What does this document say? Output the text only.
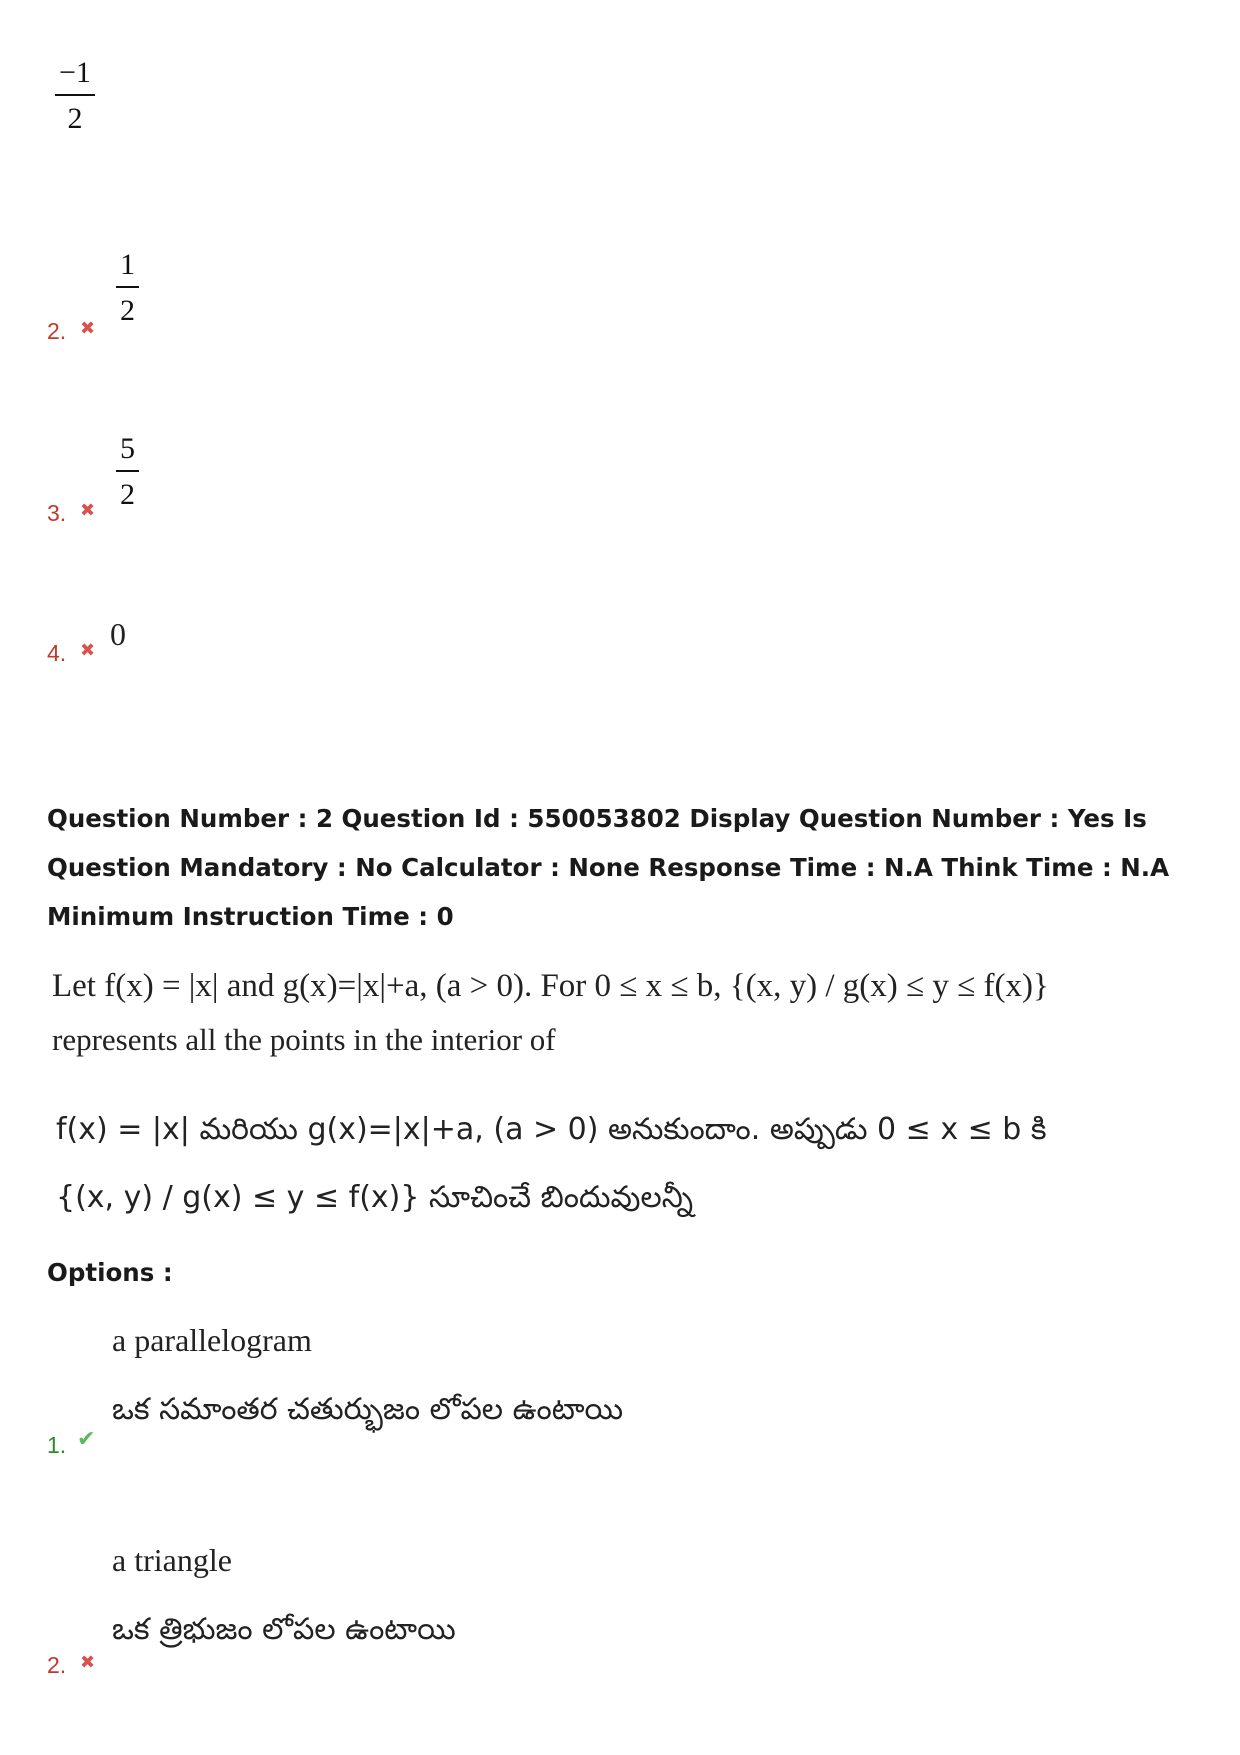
−1
2
2. ✖
1
2
3. ✖
5
2
4. ✖ 0
Question Number : 2 Question Id : 550053802 Display Question Number : Yes Is Question Mandatory : No Calculator : None Response Time : N.A Think Time : N.A Minimum Instruction Time : 0
Let f(x) = |x| and g(x)=|x|+a, (a > 0). For 0 ≤ x ≤ b, {(x, y) / g(x) ≤ y ≤ f(x)}
represents all the points in the interior of
f(x) = |x| మరియు g(x)=|x|+a, (a > 0) అనుకుందాం. అప్పుడు 0 ≤ x ≤ b కి
{(x, y) / g(x) ≤ y ≤ f(x)} సూచించే బిందువులన్నీ
Options :
a parallelogram
ఒక సమాంతర చతుర్భుజం లోపల ఉంటాయి
1. ✔
a triangle
ఒక త్రిభుజం లోపల ఉంటాయి
2. ✖
